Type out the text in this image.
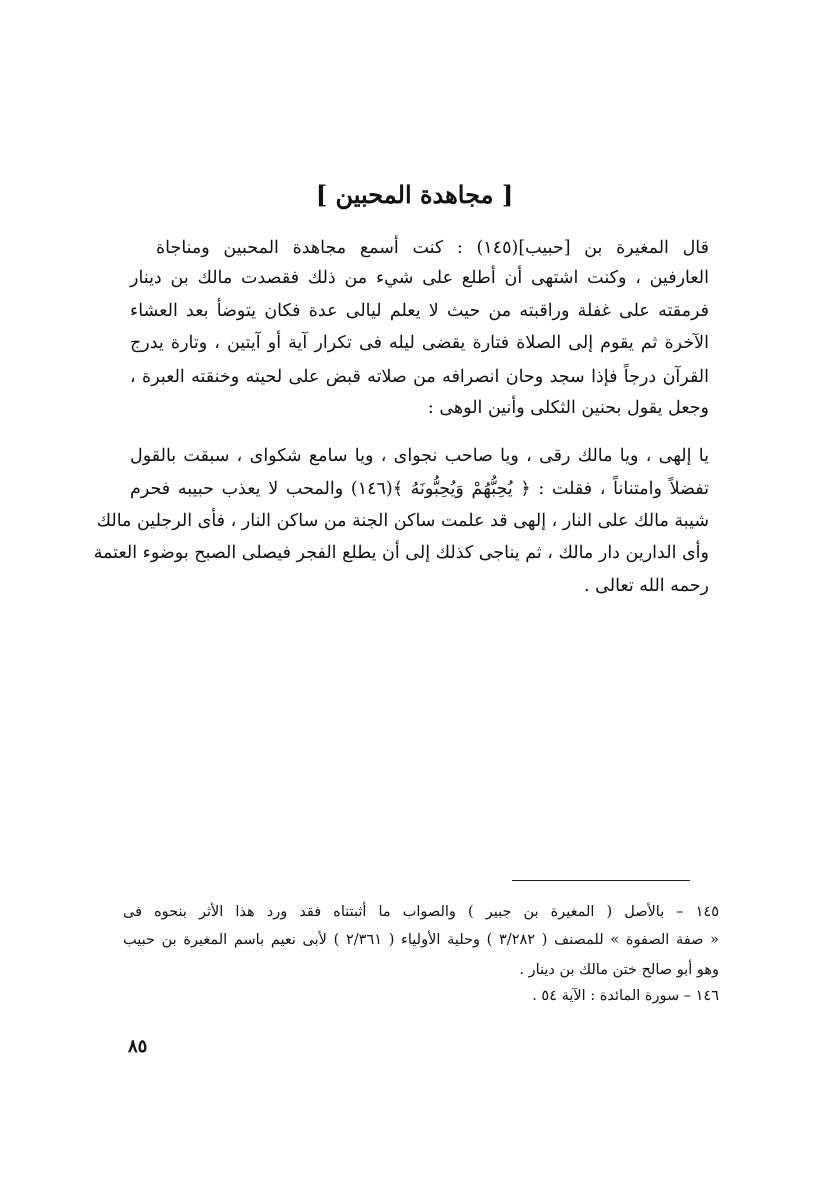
[ مجاهدة المحبين ]
قال المغيرة بن [حبيب](١٤٥) : كنت أسمع مجاهدة المحبين ومناجاة
العارفين ، وكنت اشتهى أن أطلع على شيء من ذلك فقصدت مالك بن دينار
فرمقته على غفلة وراقبته من حيث لا يعلم ليالى عدة فكان يتوضأ بعد العشاء
الآخرة ثم يقوم إلى الصلاة فتارة يقضى ليله فى تكرار آية أو آيتين ، وتارة يدرج
القرآن درجاً فإذا سجد وحان انصرافه من صلاته قبض على لحيته وخنقته العبرة ،
وجعل يقول بحنين الثكلى وأنين الوهى :
يا إلهى ، ويا مالك رقى ، ويا صاحب نجواى ، ويا سامع شكواى ، سبقت بالقول
تفضلاً وامتناناً ، فقلت : ﴿ يُحِبُّهُمْ وَيُحِبُّونَهُ ﴾(١٤٦) والمحب لا يعذب حبيبه فحرم
شيبة مالك على النار ، إلهى قد علمت ساكن الجنة من ساكن النار ، فأى الرجلين مالك
وأى الدارين دار مالك ، ثم يناجى كذلك إلى أن يطلع الفجر فيصلى الصبح بوضوء العتمة
رحمه الله تعالى .
١٤٥ – بالأصل ( المغيرة بن جبير ) والصواب ما أثبتناه فقد ورد هذا الأثر بنحوه فى
« صفة الصفوة » للمصنف ( ٣/٢٨٢ ) وحلية الأولياء ( ٢/٣٦١ ) لأبى نعيم باسم المغيرة بن حبيب
وهو أبو صالح ختن مالك بن دينار .
١٤٦ – سورة المائدة : الآية ٥٤ .
٨٥
